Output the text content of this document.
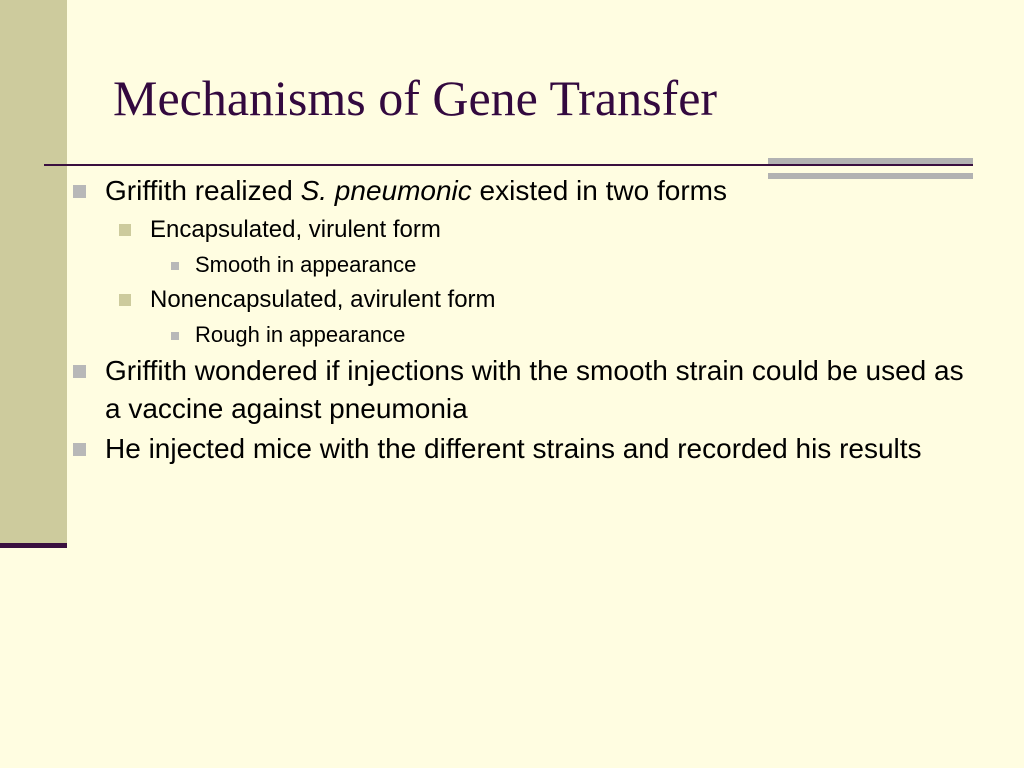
Mechanisms of Gene Transfer
Griffith realized S. pneumonic existed in two forms
Encapsulated, virulent form
Smooth in appearance
Nonencapsulated, avirulent form
Rough in appearance
Griffith wondered if injections with the smooth strain could be used as a vaccine against pneumonia
He injected mice with the different strains and recorded his results
